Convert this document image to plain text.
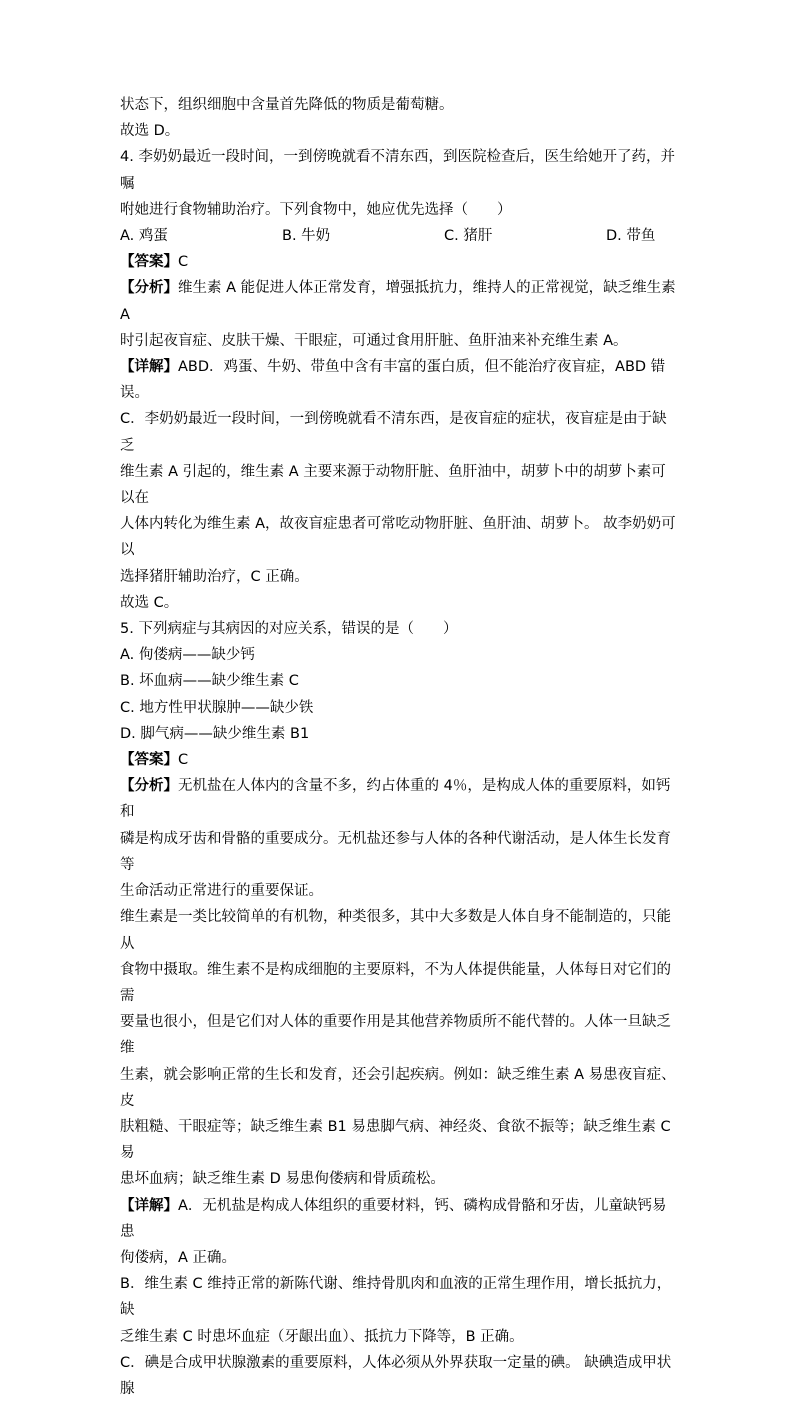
状态下，组织细胞中含量首先降低的物质是葡萄糖。

故选 D。

4. 李奶奶最近一段时间，一到傍晚就看不清东西，到医院检查后，医生给她开了药，并嘱

咐她进行食物辅助治疗。下列食物中，她应优先选择（　　）

A. 鸡蛋	B. 牛奶	C. 猪肝	D. 带鱼

【答案】C

【分析】维生素 A 能促进人体正常发育，增强抵抗力，维持人的正常视觉，缺乏维生素 A

时引起夜盲症、皮肤干燥、干眼症，可通过食用肝脏、鱼肝油来补充维生素 A。

【详解】ABD．鸡蛋、牛奶、带鱼中含有丰富的蛋白质，但不能治疗夜盲症，ABD 错误。

C．李奶奶最近一段时间，一到傍晚就看不清东西，是夜盲症的症状，夜盲症是由于缺乏

维生素 A 引起的，维生素 A 主要来源于动物肝脏、鱼肝油中，胡萝卜中的胡萝卜素可以在

人体内转化为维生素 A，故夜盲症患者可常吃动物肝脏、鱼肝油、胡萝卜。 故李奶奶可以

选择猪肝辅助治疗，C 正确。

故选 C。

5. 下列病症与其病因的对应关系，错误的是（　　）

A. 佝偻病——缺少钙

B. 坏血病——缺少维生素 C

C. 地方性甲状腺肿——缺少铁

D. 脚气病——缺少维生素 B1

【答案】C

【分析】无机盐在人体内的含量不多，约占体重的 4％，是构成人体的重要原料，如钙和

磷是构成牙齿和骨骼的重要成分。无机盐还参与人体的各种代谢活动，是人体生长发育等

生命活动正常进行的重要保证。

维生素是一类比较简单的有机物，种类很多，其中大多数是人体自身不能制造的，只能从

食物中摄取。维生素不是构成细胞的主要原料，不为人体提供能量，人体每日对它们的需

要量也很小，但是它们对人体的重要作用是其他营养物质所不能代替的。人体一旦缺乏维

生素，就会影响正常的生长和发育，还会引起疾病。例如：缺乏维生素 A 易患夜盲症、皮

肤粗糙、干眼症等；缺乏维生素 B1 易患脚气病、神经炎、食欲不振等；缺乏维生素 C 易

患坏血病；缺乏维生素 D 易患佝偻病和骨质疏松。

【详解】A．无机盐是构成人体组织的重要材料，钙、磷构成骨骼和牙齿，儿童缺钙易患

佝偻病，A 正确。

B．维生素 C 维持正常的新陈代谢、维持骨肌肉和血液的正常生理作用，增长抵抗力，缺

乏维生素 C 时患坏血症（牙龈出血）、抵抗力下降等，B 正确。

C．碘是合成甲状腺激素的重要原料，人体必须从外界获取一定量的碘。 缺碘造成甲状腺
